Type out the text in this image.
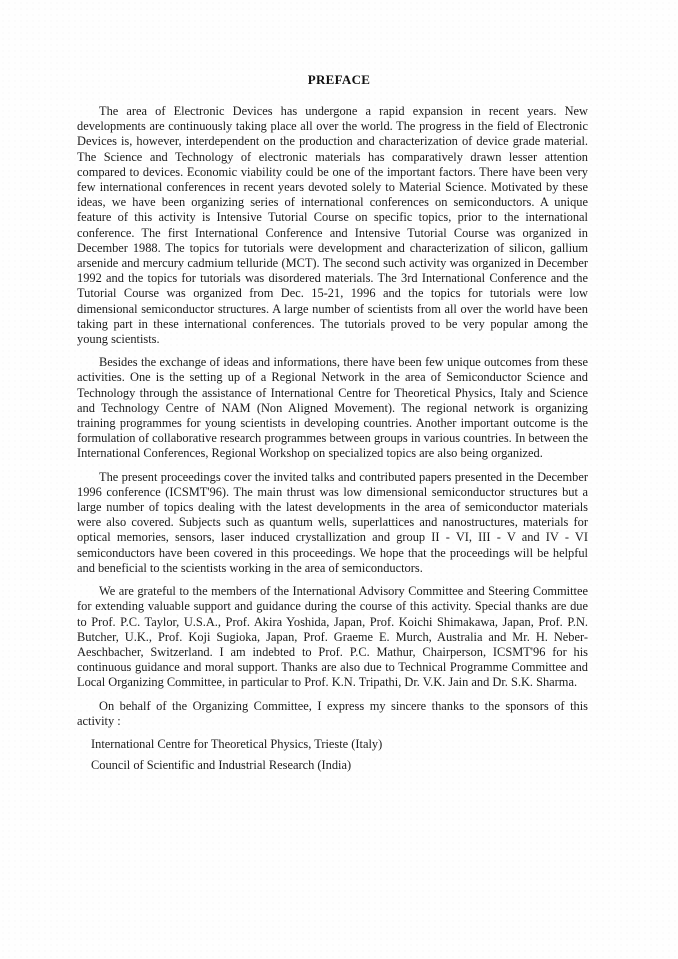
PREFACE

The area of Electronic Devices has undergone a rapid expansion in recent years. New developments are continuously taking place all over the world. The progress in the field of Electronic Devices is, however, interdependent on the production and characterization of device grade material. The Science and Technology of electronic materials has comparatively drawn lesser attention compared to devices. Economic viability could be one of the important factors. There have been very few international conferences in recent years devoted solely to Material Science. Motivated by these ideas, we have been organizing series of international conferences on semiconductors. A unique feature of this activity is Intensive Tutorial Course on specific topics, prior to the international conference. The first International Conference and Intensive Tutorial Course was organized in December 1988. The topics for tutorials were development and characterization of silicon, gallium arsenide and mercury cadmium telluride (MCT). The second such activity was organized in December 1992 and the topics for tutorials was disordered materials. The 3rd International Conference and the Tutorial Course was organized from Dec. 15-21, 1996 and the topics for tutorials were low dimensional semiconductor structures. A large number of scientists from all over the world have been taking part in these international conferences. The tutorials proved to be very popular among the young scientists.

Besides the exchange of ideas and informations, there have been few unique outcomes from these activities. One is the setting up of a Regional Network in the area of Semiconductor Science and Technology through the assistance of International Centre for Theoretical Physics, Italy and Science and Technology Centre of NAM (Non Aligned Movement). The regional network is organizing training programmes for young scientists in developing countries. Another important outcome is the formulation of collaborative research programmes between groups in various countries. In between the International Conferences, Regional Workshop on specialized topics are also being organized.

The present proceedings cover the invited talks and contributed papers presented in the December 1996 conference (ICSMT'96). The main thrust was low dimensional semiconductor structures but a large number of topics dealing with the latest developments in the area of semiconductor materials were also covered. Subjects such as quantum wells, superlattices and nanostructures, materials for optical memories, sensors, laser induced crystallization and group II - VI, III - V and IV - VI semiconductors have been covered in this proceedings. We hope that the proceedings will be helpful and beneficial to the scientists working in the area of semiconductors.

We are grateful to the members of the International Advisory Committee and Steering Committee for extending valuable support and guidance during the course of this activity. Special thanks are due to Prof. P.C. Taylor, U.S.A., Prof. Akira Yoshida, Japan, Prof. Koichi Shimakawa, Japan, Prof. P.N. Butcher, U.K., Prof. Koji Sugioka, Japan, Prof. Graeme E. Murch, Australia and Mr. H. Neber-Aeschbacher, Switzerland. I am indebted to Prof. P.C. Mathur, Chairperson, ICSMT'96 for his continuous guidance and moral support. Thanks are also due to Technical Programme Committee and Local Organizing Committee, in particular to Prof. K.N. Tripathi, Dr. V.K. Jain and Dr. S.K. Sharma.

On behalf of the Organizing Committee, I express my sincere thanks to the sponsors of this activity :

International Centre for Theoretical Physics, Trieste (Italy)
Council of Scientific and Industrial Research (India)
